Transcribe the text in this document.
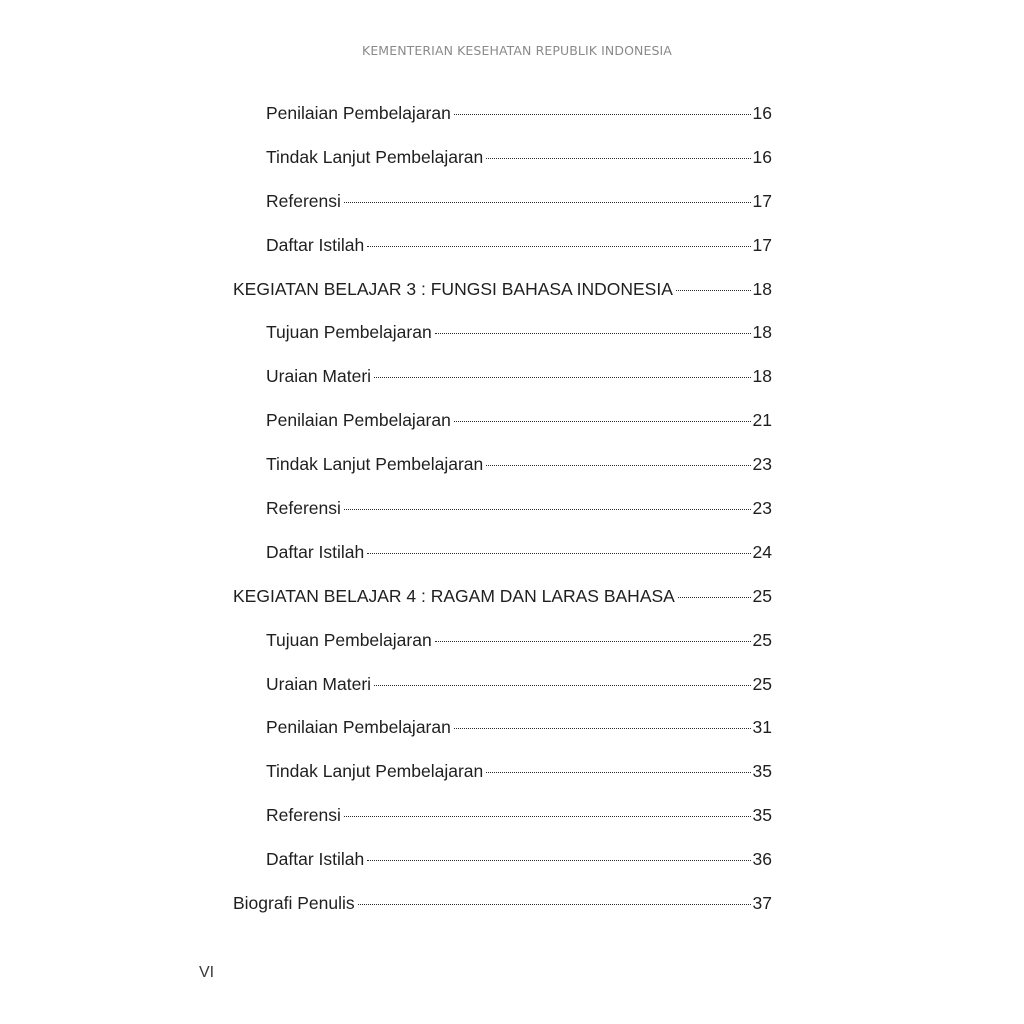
KEMENTERIAN KESEHATAN REPUBLIK INDONESIA
Penilaian Pembelajaran	16
Tindak Lanjut Pembelajaran	16
Referensi	17
Daftar Istilah	17
KEGIATAN BELAJAR 3 : FUNGSI BAHASA INDONESIA	18
Tujuan Pembelajaran	18
Uraian Materi	18
Penilaian Pembelajaran	21
Tindak Lanjut Pembelajaran	23
Referensi	23
Daftar Istilah	24
KEGIATAN BELAJAR 4 : RAGAM DAN LARAS BAHASA	25
Tujuan Pembelajaran	25
Uraian Materi	25
Penilaian Pembelajaran	31
Tindak Lanjut Pembelajaran	35
Referensi	35
Daftar Istilah	36
Biografi Penulis	37
VI
